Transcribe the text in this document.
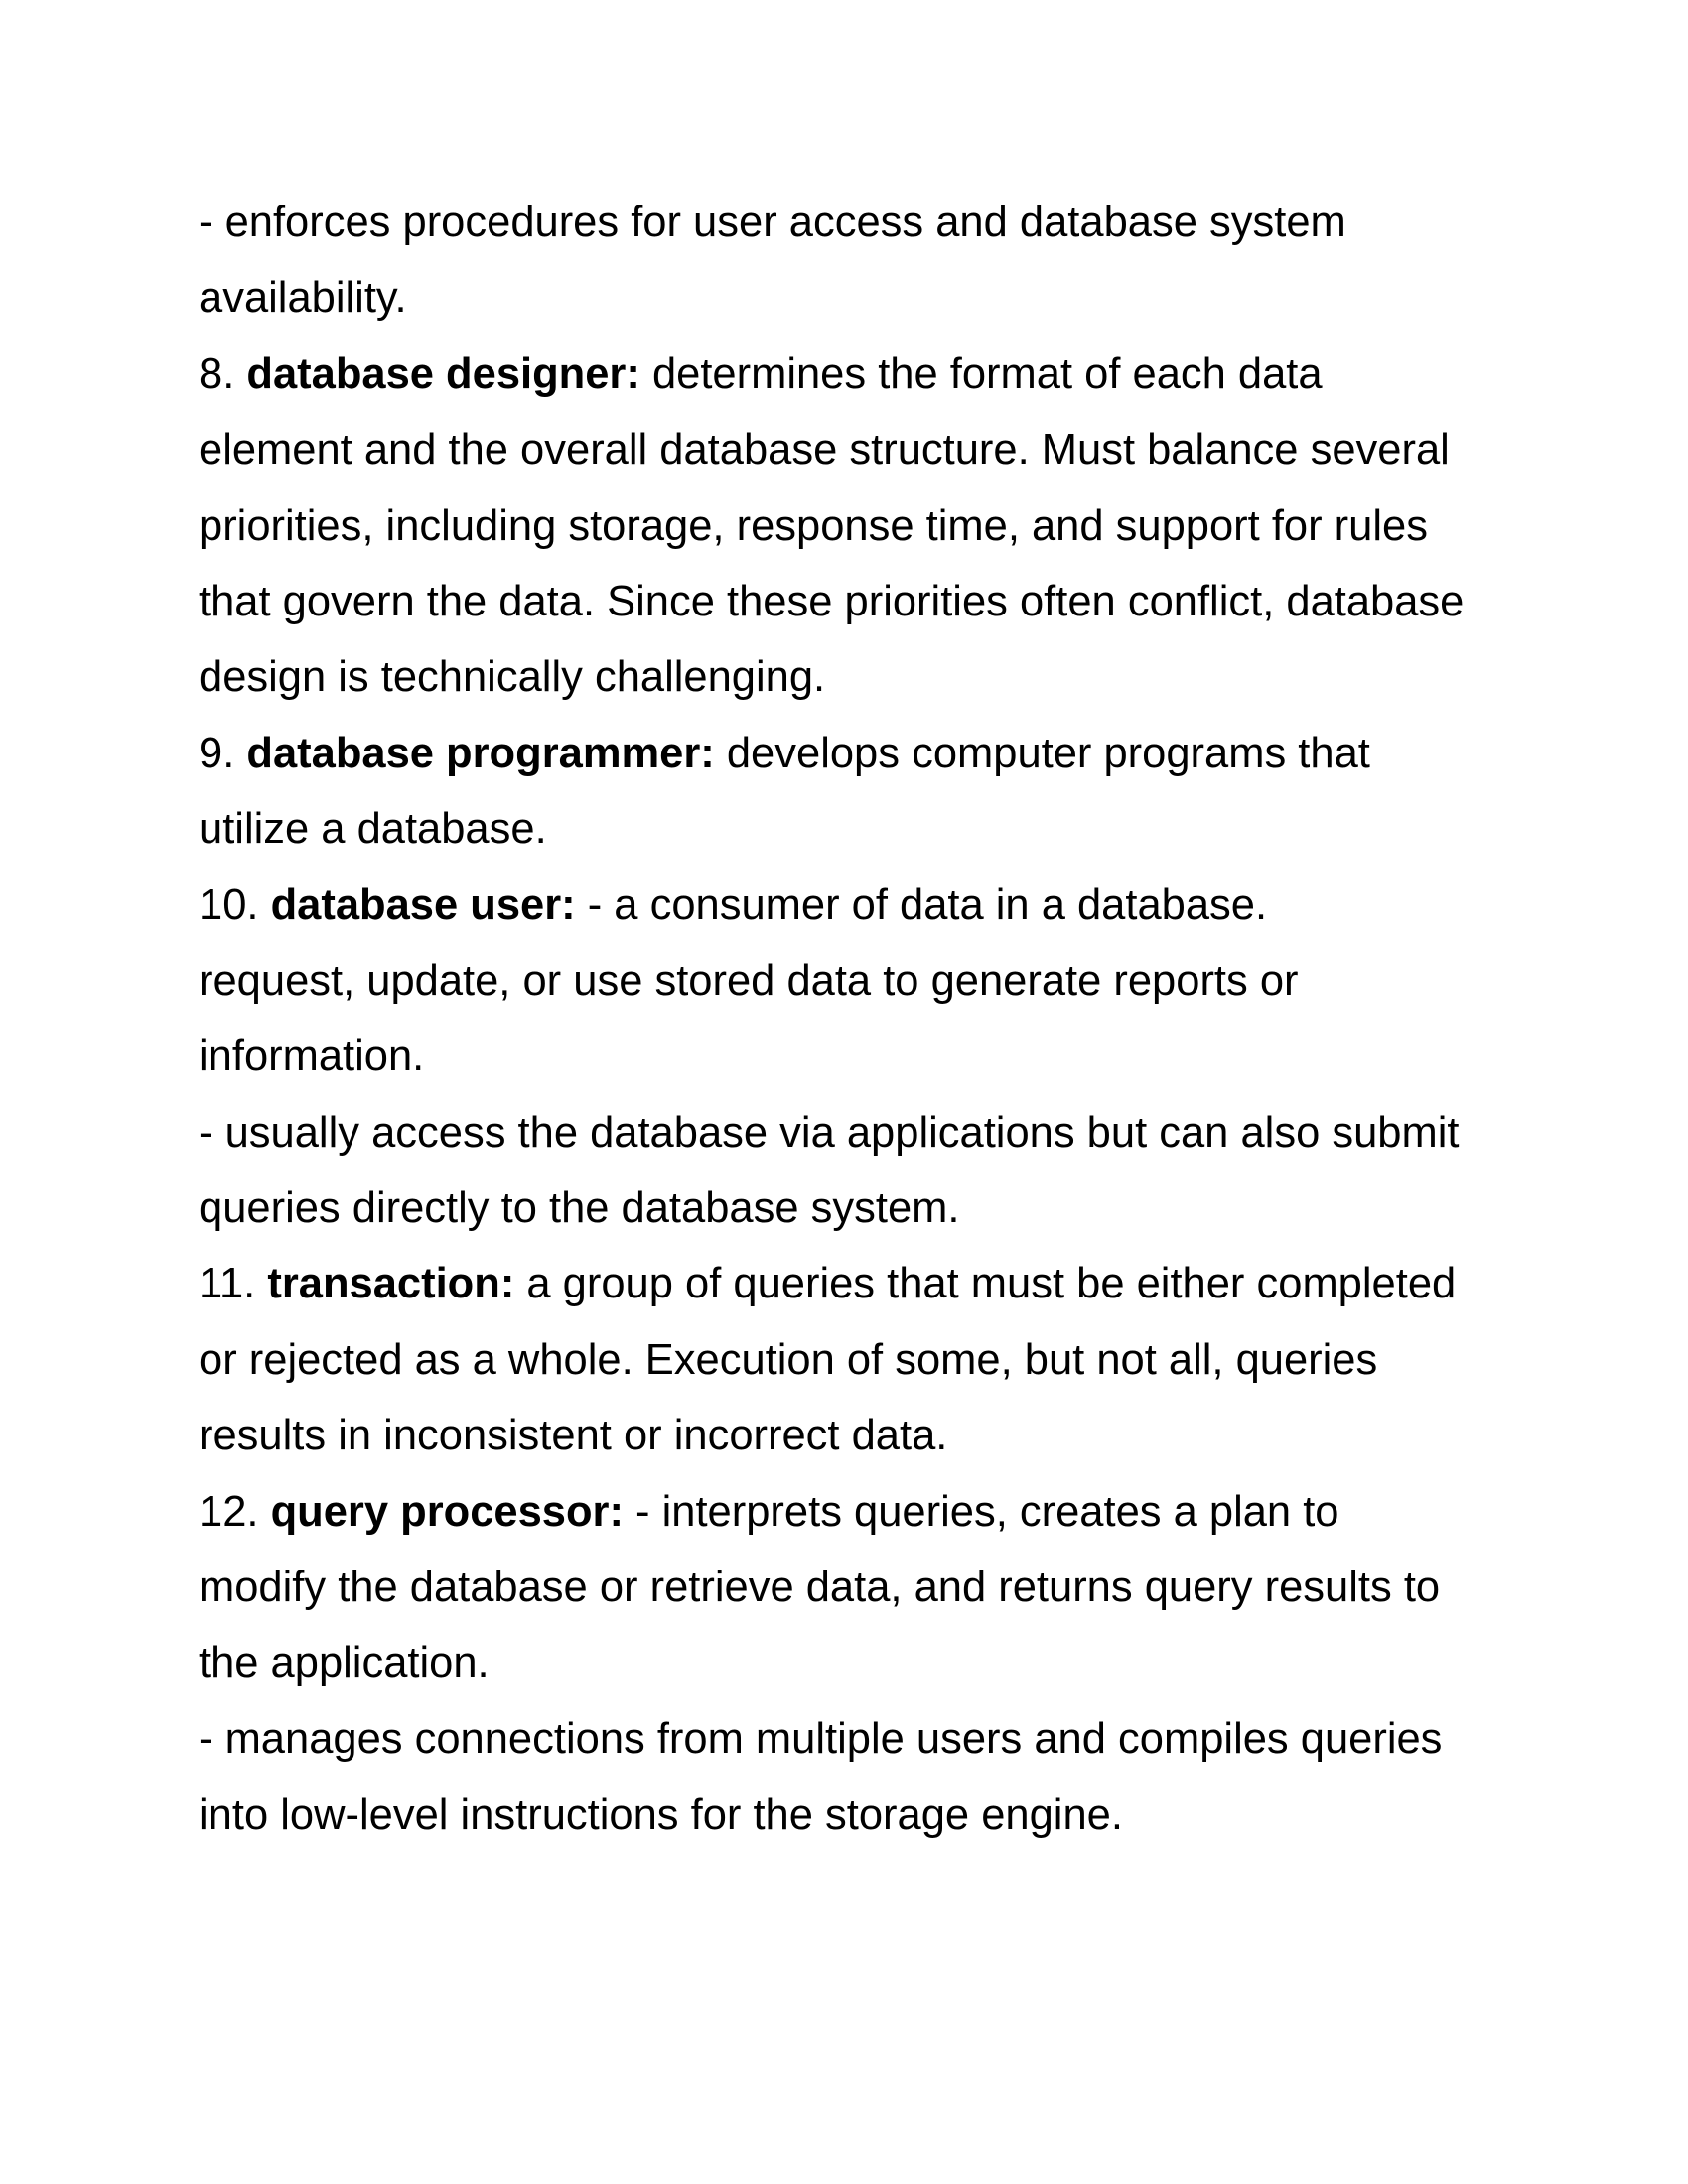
- enforces procedures for user access and database system
availability.
8. database designer: determines the format of each data
element and the overall database structure. Must balance several
priorities, including storage, response time, and support for rules
that govern the data. Since these priorities often conflict, database
design is technically challenging.
9. database programmer: develops computer programs that
utilize a database.
10. database user: - a consumer of data in a database.
request, update, or use stored data to generate reports or
information.
- usually access the database via applications but can also submit
queries directly to the database system.
11. transaction: a group of queries that must be either completed
or rejected as a whole. Execution of some, but not all, queries
results in inconsistent or incorrect data.
12. query processor: - interprets queries, creates a plan to
modify the database or retrieve data, and returns query results to
the application.
- manages connections from multiple users and compiles queries
into low-level instructions for the storage engine.
